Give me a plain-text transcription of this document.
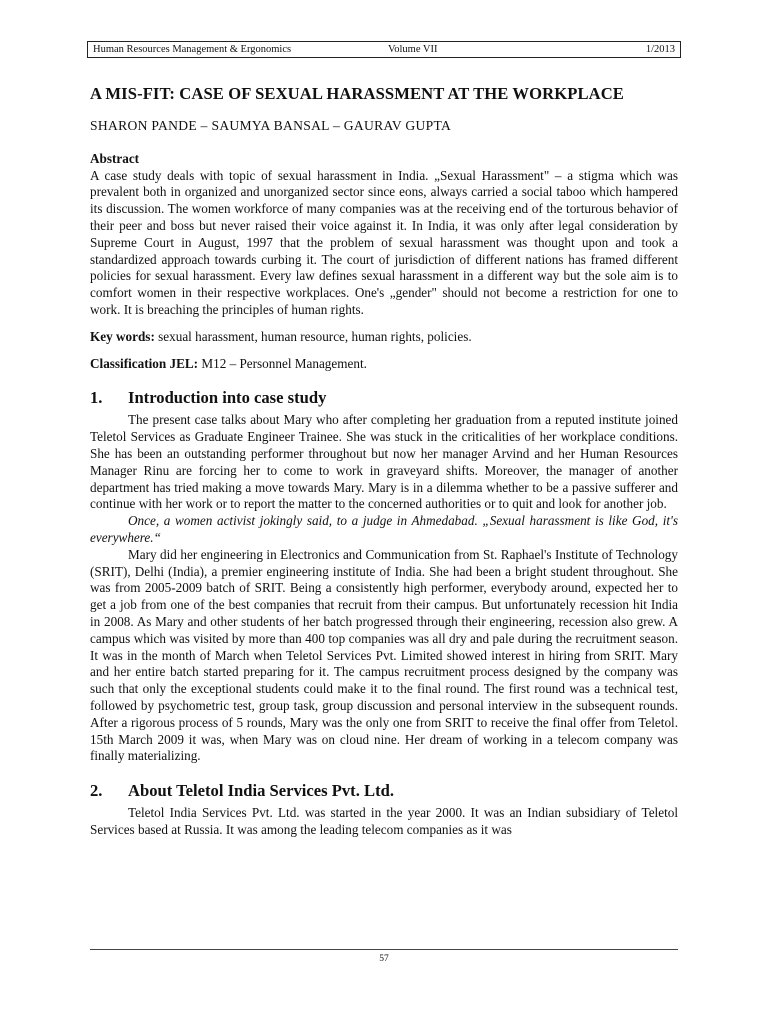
Human Resources Management & Ergonomics	Volume VII	1/2013
A MIS-FIT: CASE OF SEXUAL HARASSMENT AT THE WORKPLACE
SHARON PANDE – SAUMYA BANSAL – GAURAV GUPTA
Abstract

A case study deals with topic of sexual harassment in India. „Sexual Harassment" – a stigma which was prevalent both in organized and unorganized sector since eons, always carried a social taboo which hampered its discussion. The women workforce of many companies was at the receiving end of the torturous behavior of their peer and boss but never raised their voice against it. In India, it was only after legal consideration by Supreme Court in August, 1997 that the problem of sexual harassment was thought upon and took a standardized approach towards curbing it. The court of jurisdiction of different nations has framed different policies for sexual harassment. Every law defines sexual harassment in a different way but the sole aim is to comfort women in their respective workplaces. One's „gender" should not become a restriction for one to work. It is breaching the principles of human rights.

Key words: sexual harassment, human resource, human rights, policies.

Classification JEL: M12 – Personnel Management.

1. Introduction into case study

The present case talks about Mary who after completing her graduation from a reputed institute joined Teletol Services as Graduate Engineer Trainee. She was stuck in the criticalities of her workplace conditions. She has been an outstanding performer throughout but now her manager Arvind and her Human Resources Manager Rinu are forcing her to come to work in graveyard shifts. Moreover, the manager of another department has tried making a move towards Mary. Mary is in a dilemma whether to be a passive sufferer and continue with her work or to report the matter to the concerned authorities or to quit and look for another job.

Once, a women activist jokingly said, to a judge in Ahmedabad. „Sexual harassment is like God, it's everywhere.“

Mary did her engineering in Electronics and Communication from St. Raphael's Institute of Technology (SRIT), Delhi (India), a premier engineering institute of India. She had been a bright student throughout. She was from 2005-2009 batch of SRIT. Being a consistently high performer, everybody around, expected her to get a job from one of the best companies that recruit from their campus. But unfortunately recession hit India in 2008. As Mary and other students of her batch progressed through their engineering, recession also grew. A campus which was visited by more than 400 top companies was all dry and pale during the recruitment season. It was in the month of March when Teletol Services Pvt. Limited showed interest in hiring from SRIT. Mary and her entire batch started preparing for it. The campus recruitment process designed by the company was such that only the exceptional students could make it to the final round. The first round was a technical test, followed by psychometric test, group task, group discussion and personal interview in the subsequent rounds. After a rigorous process of 5 rounds, Mary was the only one from SRIT to receive the final offer from Teletol. 15th March 2009 it was, when Mary was on cloud nine. Her dream of working in a telecom company was finally materializing.

2. About Teletol India Services Pvt. Ltd.

Teletol India Services Pvt. Ltd. was started in the year 2000. It was an Indian subsidiary of Teletol Services based at Russia. It was among the leading telecom companies as it was

57
